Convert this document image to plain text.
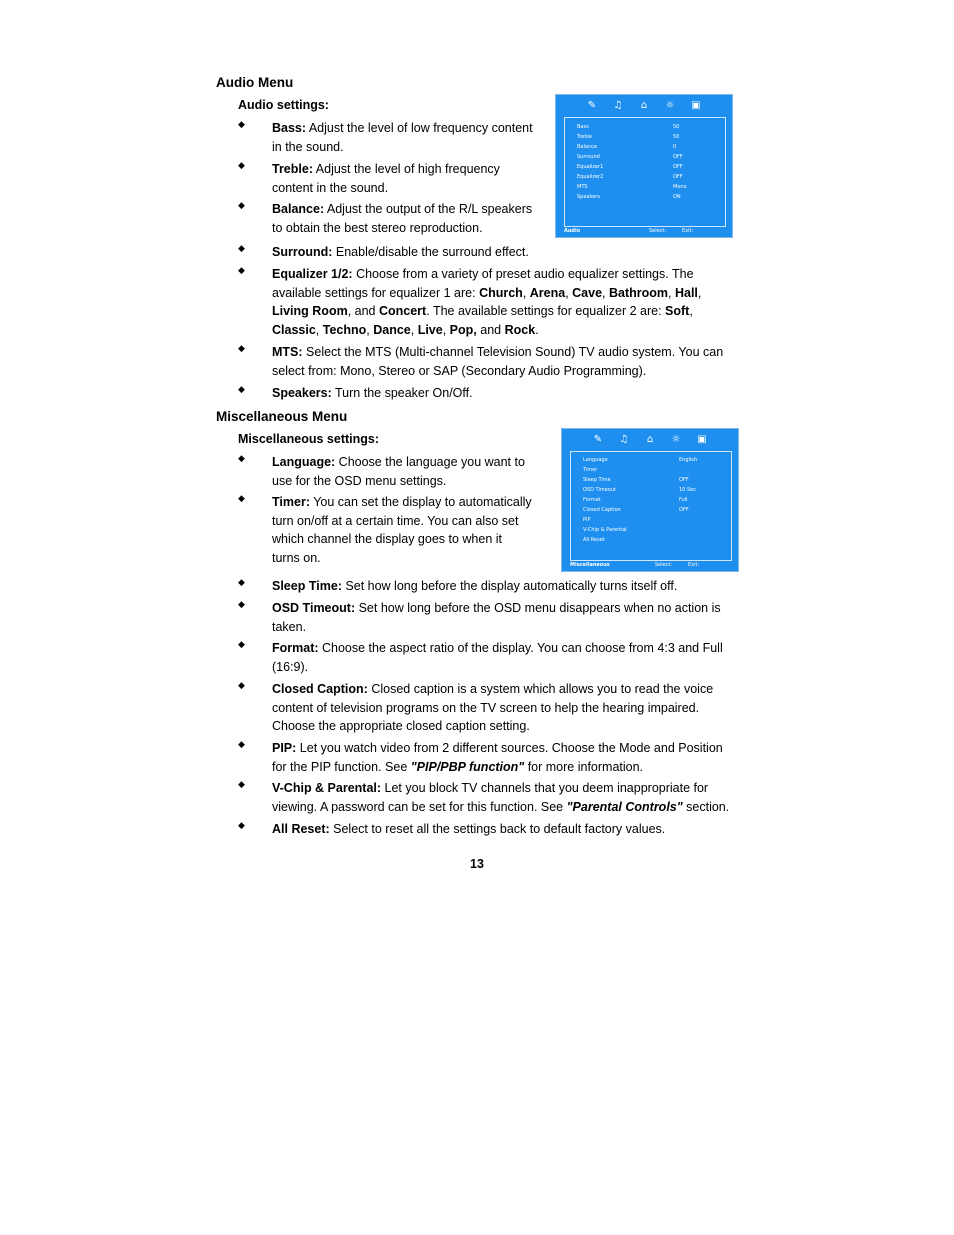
Audio Menu
Audio settings:
◆ Bass: Adjust the level of low frequency content in the sound.
◆ Treble: Adjust the level of high frequency content in the sound.
◆ Balance: Adjust the output of the R/L speakers to obtain the best stereo reproduction.
◆ Surround: Enable/disable the surround effect.
◆ Equalizer 1/2: Choose from a variety of preset audio equalizer settings. The available settings for equalizer 1 are: Church, Arena, Cave, Bathroom, Hall, Living Room, and Concert. The available settings for equalizer 2 are: Soft, Classic, Techno, Dance, Live, Pop, and Rock.
◆ MTS: Select the MTS (Multi-channel Television Sound) TV audio system. You can select from: Mono, Stereo or SAP (Secondary Audio Programming).
◆ Speakers: Turn the speaker On/Off.
✎	♫	⌂	☼	▣
Bass	50
Treble	50
Balance	0
Surround	OFF
Equalizer1	OFF
Equalizer2	OFF
MTS	Mono
Speakers	ON
Audio	Select:	Exit:
Miscellaneous Menu
Miscellaneous settings:
◆ Language: Choose the language you want to use for the OSD menu settings.
◆ Timer: You can set the display to automatically turn on/off at a certain time. You can also set which channel the display goes to when it turns on.
◆ Sleep Time: Set how long before the display automatically turns itself off.
◆ OSD Timeout: Set how long before the OSD menu disappears when no action is taken.
◆ Format: Choose the aspect ratio of the display. You can choose from 4:3 and Full (16:9).
◆ Closed Caption: Closed caption is a system which allows you to read the voice content of television programs on the TV screen to help the hearing impaired. Choose the appropriate closed caption setting.
◆ PIP: Let you watch video from 2 different sources. Choose the Mode and Position for the PIP function. See "PIP/PBP function" for more information.
◆ V-Chip & Parental: Let you block TV channels that you deem inappropriate for viewing. A password can be set for this function. See "Parental Controls" section.
◆ All Reset: Select to reset all the settings back to default factory values.
✎	♫	⌂	☼	▣
Language	English
Timer
Sleep Time	OFF
OSD Timeout	10 Sec
Format	Full
Closed Caption	OFF
PIP
V-Chip & Parental
All Reset
Miscellaneous	Select:	Exit:
13
